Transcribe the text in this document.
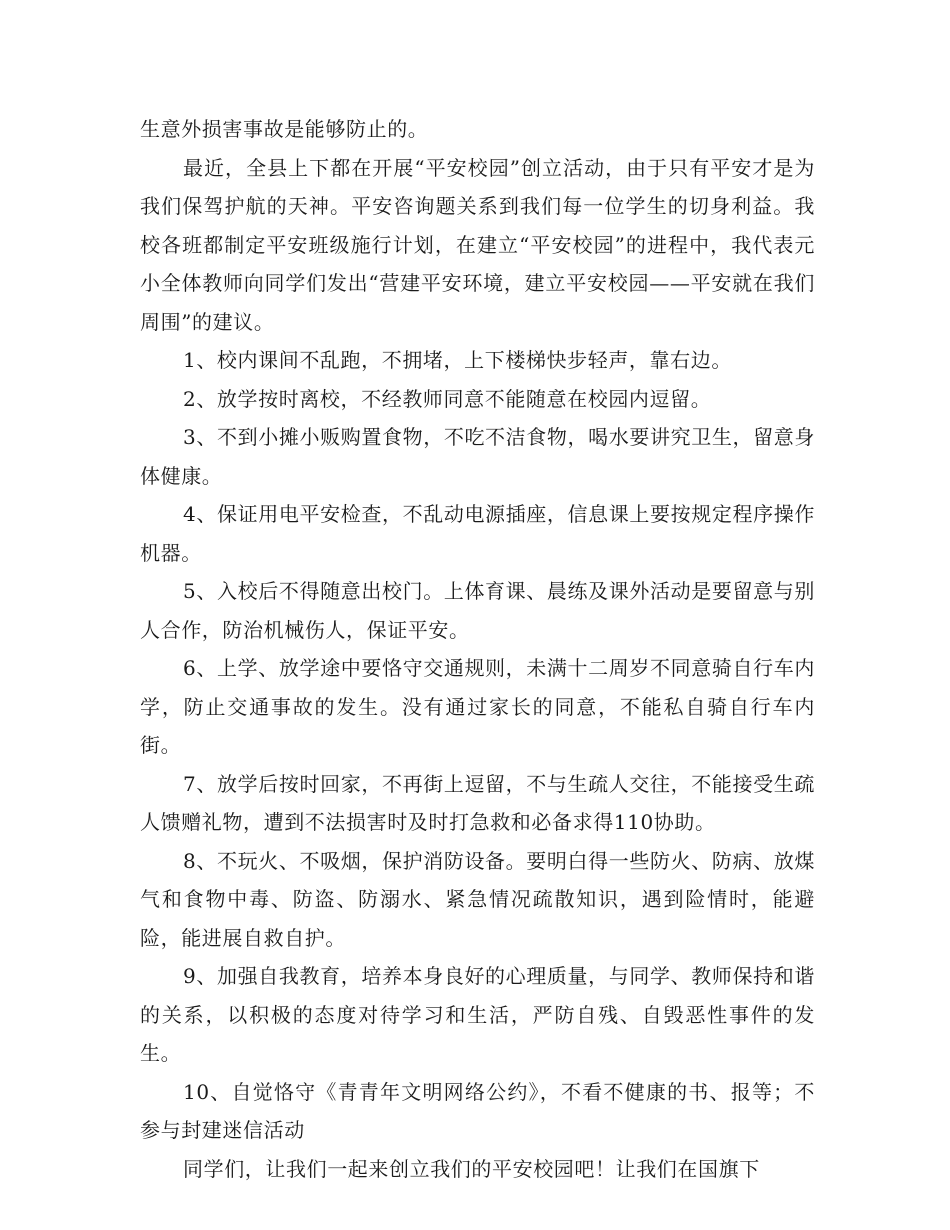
生意外损害事故是能够防止的。

最近，全县上下都在开展“平安校园”创立活动，由于只有平安才是为我们保驾护航的天神。平安咨询题关系到我们每一位学生的切身利益。我校各班都制定平安班级施行计划，在建立“平安校园”的进程中，我代表元小全体教师向同学们发出“营建平安环境，建立平安校园——平安就在我们周围”的建议。

1、校内课间不乱跑，不拥堵，上下楼梯快步轻声，靠右边。

2、放学按时离校，不经教师同意不能随意在校园内逗留。

3、不到小摊小贩购置食物，不吃不洁食物，喝水要讲究卫生，留意身体健康。

4、保证用电平安检查，不乱动电源插座，信息课上要按规定程序操作机器。

5、入校后不得随意出校门。上体育课、晨练及课外活动是要留意与别人合作，防治机械伤人，保证平安。

6、上学、放学途中要恪守交通规则，未满十二周岁不同意骑自行车内学，防止交通事故的发生。没有通过家长的同意，不能私自骑自行车内街。

7、放学后按时回家，不再街上逗留，不与生疏人交往，不能接受生疏人馈赠礼物，遭到不法损害时及时打急救和必备求得110协助。

8、不玩火、不吸烟，保护消防设备。要明白得一些防火、防病、放煤气和食物中毒、防盗、防溺水、紧急情况疏散知识，遇到险情时，能避险，能进展自救自护。

9、加强自我教育，培养本身良好的心理质量，与同学、教师保持和谐的关系，以积极的态度对待学习和生活，严防自残、自毁恶性事件的发生。

10、自觉恪守《青青年文明网络公约》，不看不健康的书、报等；不参与封建迷信活动

同学们，让我们一起来创立我们的平安校园吧！让我们在国旗下
